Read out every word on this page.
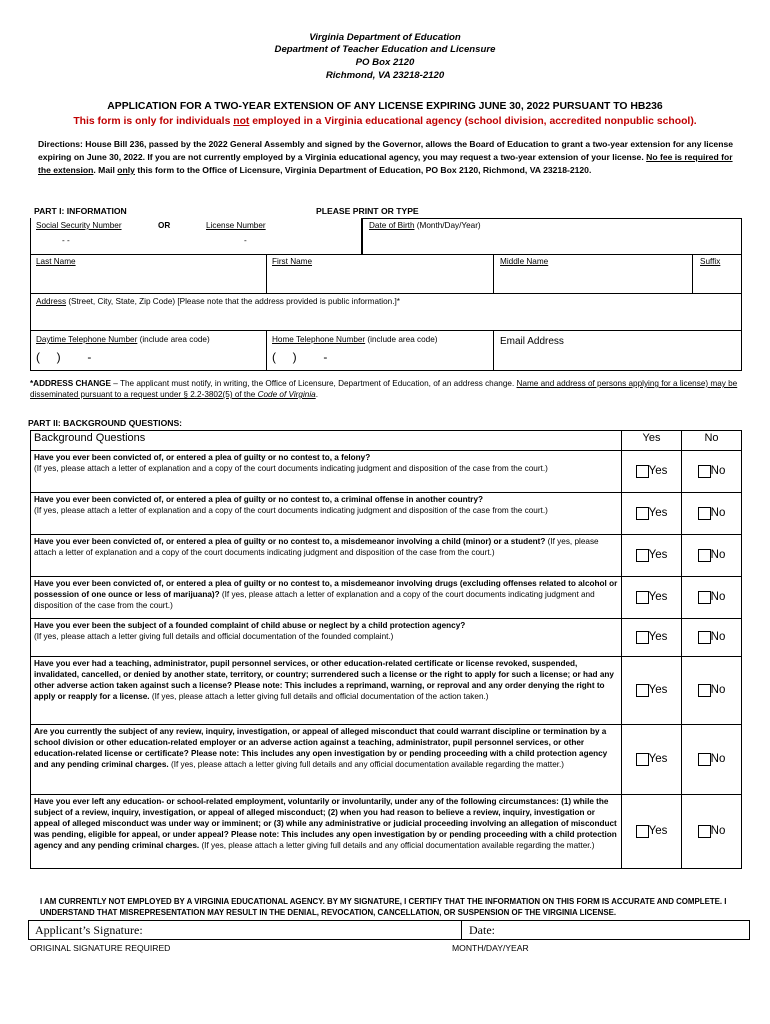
Virginia Department of Education
Department of Teacher Education and Licensure
PO Box 2120
Richmond, VA 23218-2120
APPLICATION FOR A TWO-YEAR EXTENSION OF ANY LICENSE EXPIRING JUNE 30, 2022 PURSUANT TO HB236
This form is only for individuals not employed in a Virginia educational agency (school division, accredited nonpublic school).
Directions: House Bill 236, passed by the 2022 General Assembly and signed by the Governor, allows the Board of Education to grant a two-year extension for any license expiring on June 30, 2022. If you are not currently employed by a Virginia educational agency, you may request a two-year extension of your license. No fee is required for the extension. Mail only this form to the Office of Licensure, Virginia Department of Education, PO Box 2120, Richmond, VA 23218-2120.
PART I: INFORMATION	PLEASE PRINT OR TYPE
Social Security Number
- -
OR	License Number
-
Date of Birth (Month/Day/Year)
Last Name	First Name	Middle Name	Suffix
Address (Street, City, State, Zip Code) [Please note that the address provided is public information.]*
Daytime Telephone Number (include area code)
(     )        -
Home Telephone Number (include area code)
(     )        -
Email Address
*ADDRESS CHANGE – The applicant must notify, in writing, the Office of Licensure, Department of Education, of an address change. Name and address of persons applying for a license) may be disseminated pursuant to a request under § 2.2-3802(5) of the Code of Virginia.
PART II: BACKGROUND QUESTIONS:
Background Questions	Yes	No
Have you ever been convicted of, or entered a plea of guilty or no contest to, a felony?
(If yes, please attach a letter of explanation and a copy of the court documents indicating judgment and disposition of the case from the court.)	Yes	No
Have you ever been convicted of, or entered a plea of guilty or no contest to, a criminal offense in another country?
(If yes, please attach a letter of explanation and a copy of the court documents indicating judgment and disposition of the case from the court.)	Yes	No
Have you ever been convicted of, or entered a plea of guilty or no contest to, a misdemeanor involving a child (minor) or a student? (If yes, please attach a letter of explanation and a copy of the court documents indicating judgment and disposition of the case from the court.)	Yes	No
Have you ever been convicted of, or entered a plea of guilty or no contest to, a misdemeanor involving drugs (excluding offenses related to alcohol or possession of one ounce or less of marijuana)? (If yes, please attach a letter of explanation and a copy of the court documents indicating judgment and disposition of the case from the court.)	Yes	No
Have you ever been the subject of a founded complaint of child abuse or neglect by a child protection agency?
(If yes, please attach a letter giving full details and official documentation of the founded complaint.)	Yes	No
Have you ever had a teaching, administrator, pupil personnel services, or other education-related certificate or license revoked, suspended, invalidated, cancelled, or denied by another state, territory, or country; surrendered such a license or the right to apply for such a license; or had any other adverse action taken against such a license? Please note: This includes a reprimand, warning, or reproval and any order denying the right to apply or reapply for a license. (If yes, please attach a letter giving full details and official documentation of the action taken.)	Yes	No
Are you currently the subject of any review, inquiry, investigation, or appeal of alleged misconduct that could warrant discipline or termination by a school division or other education-related employer or an adverse action against a teaching, administrator, pupil personnel services, or other education-related license or certificate? Please note: This includes any open investigation by or pending proceeding with a child protection agency and any pending criminal charges. (If yes, please attach a letter giving full details and any official documentation available regarding the matter.)	Yes	No
Have you ever left any education- or school-related employment, voluntarily or involuntarily, under any of the following circumstances: (1) while the subject of a review, inquiry, investigation, or appeal of alleged misconduct; (2) when you had reason to believe a review, inquiry, investigation or appeal of alleged misconduct was under way or imminent; or (3) while any administrative or judicial proceeding involving an allegation of misconduct was pending, eligible for appeal, or under appeal? Please note: This includes any open investigation by or pending proceeding with a child protection agency and any pending criminal charges. (If yes, please attach a letter giving full details and any official documentation available regarding the matter.)	Yes	No
I AM CURRENTLY NOT EMPLOYED BY A VIRGINIA EDUCATIONAL AGENCY. BY MY SIGNATURE, I CERTIFY THAT THE INFORMATION ON THIS FORM IS ACCURATE AND COMPLETE. I UNDERSTAND THAT MISREPRESENTATION MAY RESULT IN THE DENIAL, REVOCATION, CANCELLATION, OR SUSPENSION OF THE VIRGINIA LICENSE.
Applicant’s Signature:	Date:
ORIGINAL SIGNATURE REQUIRED	MONTH/DAY/YEAR
